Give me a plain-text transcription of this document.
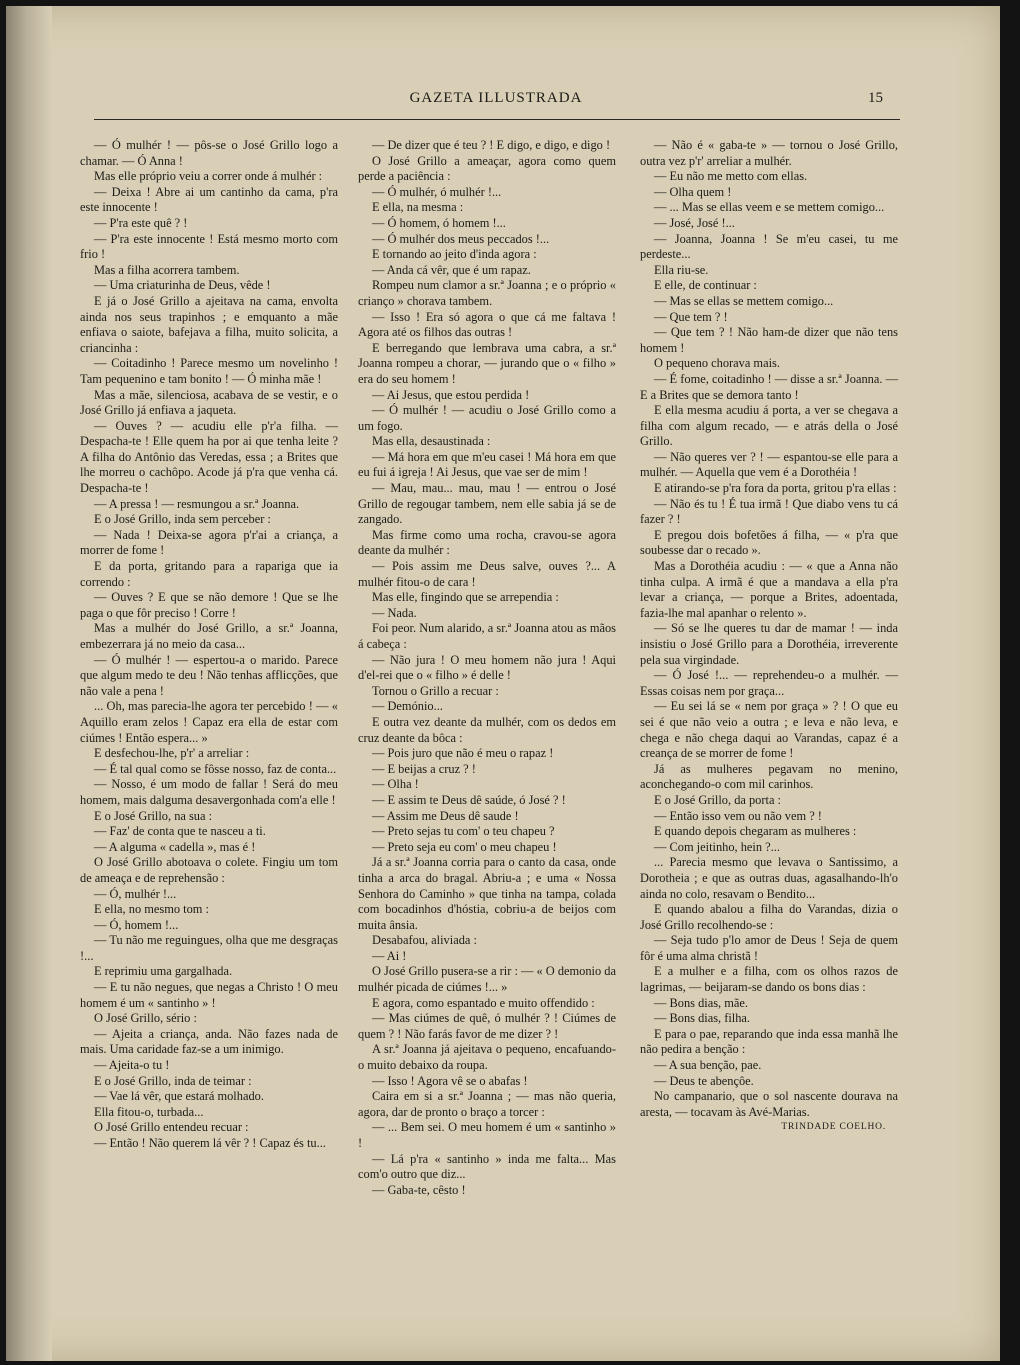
GAZETA ILLUSTRADA	15

— Ó mulhér ! — pôs-se o José Grillo logo a chamar. — Ó Anna !

Mas elle próprio veiu a correr onde á mulhér :

— Deixa ! Abre ai um cantinho da cama, p'ra este innocente !

— P'ra este quê ? !

— P'ra este innocente ! Está mesmo morto com frio !

Mas a filha acorrera tambem.

— Uma criaturinha de Deus, vêde !

E já o José Grillo a ajeitava na cama, envolta ainda nos seus trapinhos ; e emquanto a mãe enfiava o saiote, bafejava a filha, muito solicita, a criancinha :

— Coitadinho ! Parece mesmo um novelinho ! Tam pequenino e tam bonito ! — Ó minha mãe !

Mas a mãe, silenciosa, acabava de se vestir, e o José Grillo já enfiava a jaqueta.

— Ouves ? — acudiu elle p'r'a filha. — Despacha-te ! Elle quem ha por ai que tenha leite ? A filha do Antônio das Veredas, essa ; a Brites que lhe morreu o cachôpo. Acode já p'ra que venha cá. Despacha-te !

— A pressa ! — resmungou a sr.ª Joanna.

E o José Grillo, inda sem perceber :

— Nada ! Deixa-se agora p'r'ai a criança, a morrer de fome !

E da porta, gritando para a rapariga que ia correndo :

— Ouves ? E que se não demore ! Que se lhe paga o que fôr preciso ! Corre !

Mas a mulhér do José Grillo, a sr.ª Joanna, embezerrara já no meio da casa...

— Ó mulhér ! — espertou-a o marido. Parece que algum medo te deu ! Não tenhas afflicções, que não vale a pena !

... Oh, mas parecia-lhe agora ter percebido ! — « Aquillo eram zelos ! Capaz era ella de estar com ciúmes ! Então espera... »

E desfechou-lhe, p'r' a arreliar :

— É tal qual como se fôsse nosso, faz de conta...

— Nosso, é um modo de fallar ! Será do meu homem, mais dalguma desavergonhada com'a elle !

E o José Grillo, na sua :

— Faz' de conta que te nasceu a ti.

— A alguma « cadella », mas é !

O José Grillo abotoava o colete. Fingiu um tom de ameaça e de reprehensão :

— Ó, mulhér !...

E ella, no mesmo tom :

— Ó, homem !...

— Tu não me reguingues, olha que me desgraças !...

E reprimiu uma gargalhada.

— E tu não negues, que negas a Christo ! O meu homem é um « santinho » !

O José Grillo, sério :

— Ajeita a criança, anda. Não fazes nada de mais. Uma caridade faz-se a um inimigo.

— Ajeita-o tu !

E o José Grillo, inda de teimar :

— Vae lá vêr, que estará molhado.

Ella fitou-o, turbada...

O José Grillo entendeu recuar :

— Então ! Não querem lá vêr ? ! Capaz és tu...

— De dizer que é teu ? ! E digo, e digo, e digo !

O José Grillo a ameaçar, agora como quem perde a paciência :

— Ó mulhér, ó mulhér !...

E ella, na mesma :

— Ó homem, ó homem !...

— Ó mulhér dos meus peccados !...

E tornando ao jeito d'inda agora :

— Anda cá vêr, que é um rapaz.

Rompeu num clamor a sr.ª Joanna ; e o próprio « crianço » chorava tambem.

— Isso ! Era só agora o que cá me faltava ! Agora até os filhos das outras !

E berregando que lembrava uma cabra, a sr.ª Joanna rompeu a chorar, — jurando que o « filho » era do seu homem !

— Ai Jesus, que estou perdida !

— Ó mulhér ! — acudiu o José Grillo como a um fogo.

Mas ella, desaustinada :

— Má hora em que m'eu casei ! Má hora em que eu fui á igreja ! Ai Jesus, que vae ser de mim !

— Mau, mau... mau, mau ! — entrou o José Grillo de regougar tambem, nem elle sabia já se de zangado.

Mas firme como uma rocha, cravou-se agora deante da mulhér :

— Pois assim me Deus salve, ouves ?... A mulhér fitou-o de cara !

Mas elle, fingindo que se arrependia :

— Nada.

Foi peor. Num alarido, a sr.ª Joanna atou as mãos á cabeça :

— Não jura ! O meu homem não jura ! Aqui d'el-rei que o « filho » é delle !

Tornou o Grillo a recuar :

— Demónio...

E outra vez deante da mulhér, com os dedos em cruz deante da bôca :

— Pois juro que não é meu o rapaz !

— E beijas a cruz ? !

— Olha !

— E assim te Deus dê saúde, ó José ? !

— Assim me Deus dê saude !

— Preto sejas tu com' o teu chapeu ?

— Preto seja eu com' o meu chapeu !

Já a sr.ª Joanna corria para o canto da casa, onde tinha a arca do bragal. Abriu-a ; e uma « Nossa Senhora do Caminho » que tinha na tampa, colada com bocadinhos d'hóstia, cobriu-a de beijos com muita ânsia.

Desabafou, aliviada :

— Ai !

O José Grillo pusera-se a rir : — « O demonio da mulhér picada de ciúmes !... »

E agora, como espantado e muito offendido :

— Mas ciúmes de quê, ó mulhér ? ! Ciúmes de quem ? ! Não farás favor de me dizer ? !

A sr.ª Joanna já ajeitava o pequeno, encafuando-o muito debaixo da roupa.

— Isso ! Agora vê se o abafas !

Caira em si a sr.ª Joanna ; — mas não queria, agora, dar de pronto o braço a torcer :

— ... Bem sei. O meu homem é um « santinho » !

— Lá p'ra « santinho » inda me falta... Mas com'o outro que diz...

— Gaba-te, cêsto !

— Não é « gaba-te » — tornou o José Grillo, outra vez p'r' arreliar a mulhér.

— Eu não me metto com ellas.

— Olha quem !

— ... Mas se ellas veem e se mettem comigo...

— José, José !...

— Joanna, Joanna ! Se m'eu casei, tu me perdeste...

Ella riu-se.

E elle, de continuar :

— Mas se ellas se mettem comigo...

— Que tem ? !

— Que tem ? ! Não ham-de dizer que não tens homem !

O pequeno chorava mais.

— É fome, coitadinho ! — disse a sr.ª Joanna. — E a Brites que se demora tanto !

E ella mesma acudiu á porta, a ver se chegava a filha com algum recado, — e atrás della o José Grillo.

— Não queres ver ? ! — espantou-se elle para a mulhér. — Aquella que vem é a Dorothéia !

E atirando-se p'ra fora da porta, gritou p'ra ellas :

— Não és tu ! É tua irmã ! Que diabo vens tu cá fazer ? !

E pregou dois bofetões á filha, — « p'ra que soubesse dar o recado ».

Mas a Dorothéia acudiu : — « que a Anna não tinha culpa. A irmã é que a mandava a ella p'ra levar a criança, — porque a Brites, adoentada, fazia-lhe mal apanhar o relento ».

— Só se lhe queres tu dar de mamar ! — inda insistiu o José Grillo para a Dorothéia, irreverente pela sua virgindade.

— Ó José !... — reprehendeu-o a mulhér. — Essas coisas nem por graça...

— Eu sei lá se « nem por graça » ? ! O que eu sei é que não veio a outra ; e leva e não leva, e chega e não chega daqui ao Varandas, capaz é a creança de se morrer de fome !

Já as mulheres pegavam no menino, aconchegando-o com mil carinhos.

E o José Grillo, da porta :

— Então isso vem ou não vem ? !

E quando depois chegaram as mulheres :

— Com jeitinho, hein ?...

... Parecia mesmo que levava o Santissimo, a Dorotheia ; e que as outras duas, agasalhando-lh'o ainda no colo, resavam o Bendito...

E quando abalou a filha do Varandas, dizia o José Grillo recolhendo-se :

— Seja tudo p'lo amor de Deus ! Seja de quem fôr é uma alma christã !

E a mulher e a filha, com os olhos razos de lagrimas, — beijaram-se dando os bons dias :

— Bons dias, mãe.

— Bons dias, filha.

E para o pae, reparando que inda essa manhã lhe não pedira a benção :

— A sua benção, pae.

— Deus te abençôe.

No campanario, que o sol nascente dourava na aresta, — tocavam às Avé-Marias.

TRINDADE COELHO.
